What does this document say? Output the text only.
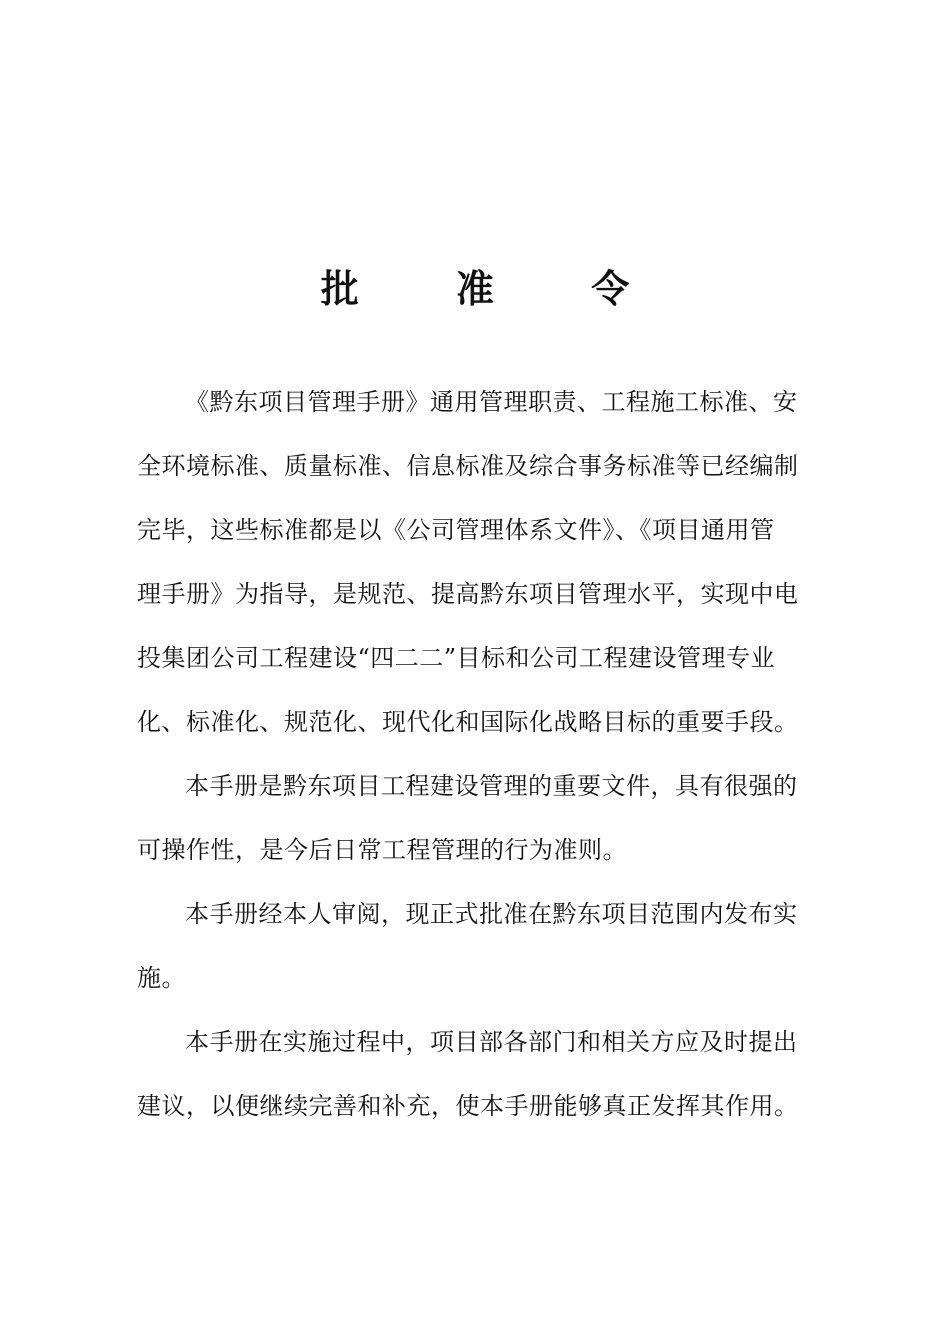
批 准 令
《黔东项目管理手册》通用管理职责、工程施工标准、安
全环境标准、质量标准、信息标准及综合事务标准等已经编制
完毕，这些标准都是以《公司管理体系文件》、《项目通用管
理手册》为指导，是规范、提高黔东项目管理水平，实现中电
投集团公司工程建设“四二二”目标和公司工程建设管理专业
化、标准化、规范化、现代化和国际化战略目标的重要手段。
本手册是黔东项目工程建设管理的重要文件，具有很强的
可操作性，是今后日常工程管理的行为准则。
本手册经本人审阅，现正式批准在黔东项目范围内发布实
施。
本手册在实施过程中，项目部各部门和相关方应及时提出
建议，以便继续完善和补充，使本手册能够真正发挥其作用。
